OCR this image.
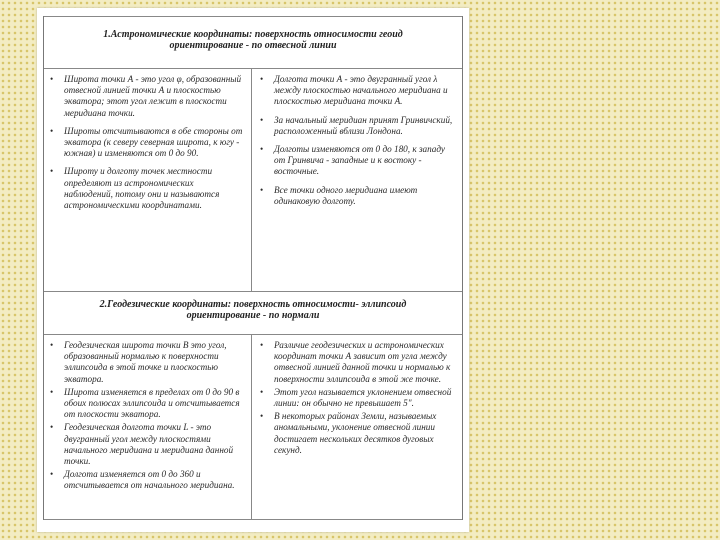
1.Астрономические координаты: поверхность относимости геоид
ориентирование - по отвесной линии
• Широта точки А - это угол φ, образованный отвесной линией точки А и плоскостью экватора; этот угол лежит в плоскости меридиана точки.
• Широты отсчитываются в обе стороны от экватора (к северу северная широта, к югу - южная) и изменяются от 0 до 90.
• Широту и долготу точек местности определяют из астрономических наблюдений, потому они и называются астрономическими координатами.
• Долгота точки А - это двугранный угол λ между плоскостью начального меридиана и плоскостью меридиана точки А.
• За начальный меридиан принят Гринвичский, расположенный вблизи Лондона.
• Долготы изменяются от 0 до 180, к западу от Гринвича - западные и к востоку - восточные.
• Все точки одного меридиана имеют одинаковую долготу.
2.Геодезические координаты: поверхность относимости- эллипсоид
ориентирование - по нормали
• Геодезическая широта точки В это угол, образованный нормалью к поверхности эллипсоида в этой точке и плоскостью экватора.
• Широта изменяется в пределах от 0 до 90 в обоих полюсах эллипсоида и отсчитывается от плоскости экватора.
• Геодезическая долгота точки L - это двугранный угол между плоскостями начального меридиана и меридиана данной точки.
• Долгота изменяется от 0 до 360 и отсчитывается от начального меридиана.
• Различие геодезических и астрономических координат точки А зависит от угла между отвесной линией данной точки и нормалью к поверхности эллипсоида в этой же точке.
• Этот угол называется уклонением отвесной линии: он обычно не превышает 5".
• В некоторых районах Земли, называемых аномальными, уклонение отвесной линии достигает нескольких десятков дуговых секунд.
